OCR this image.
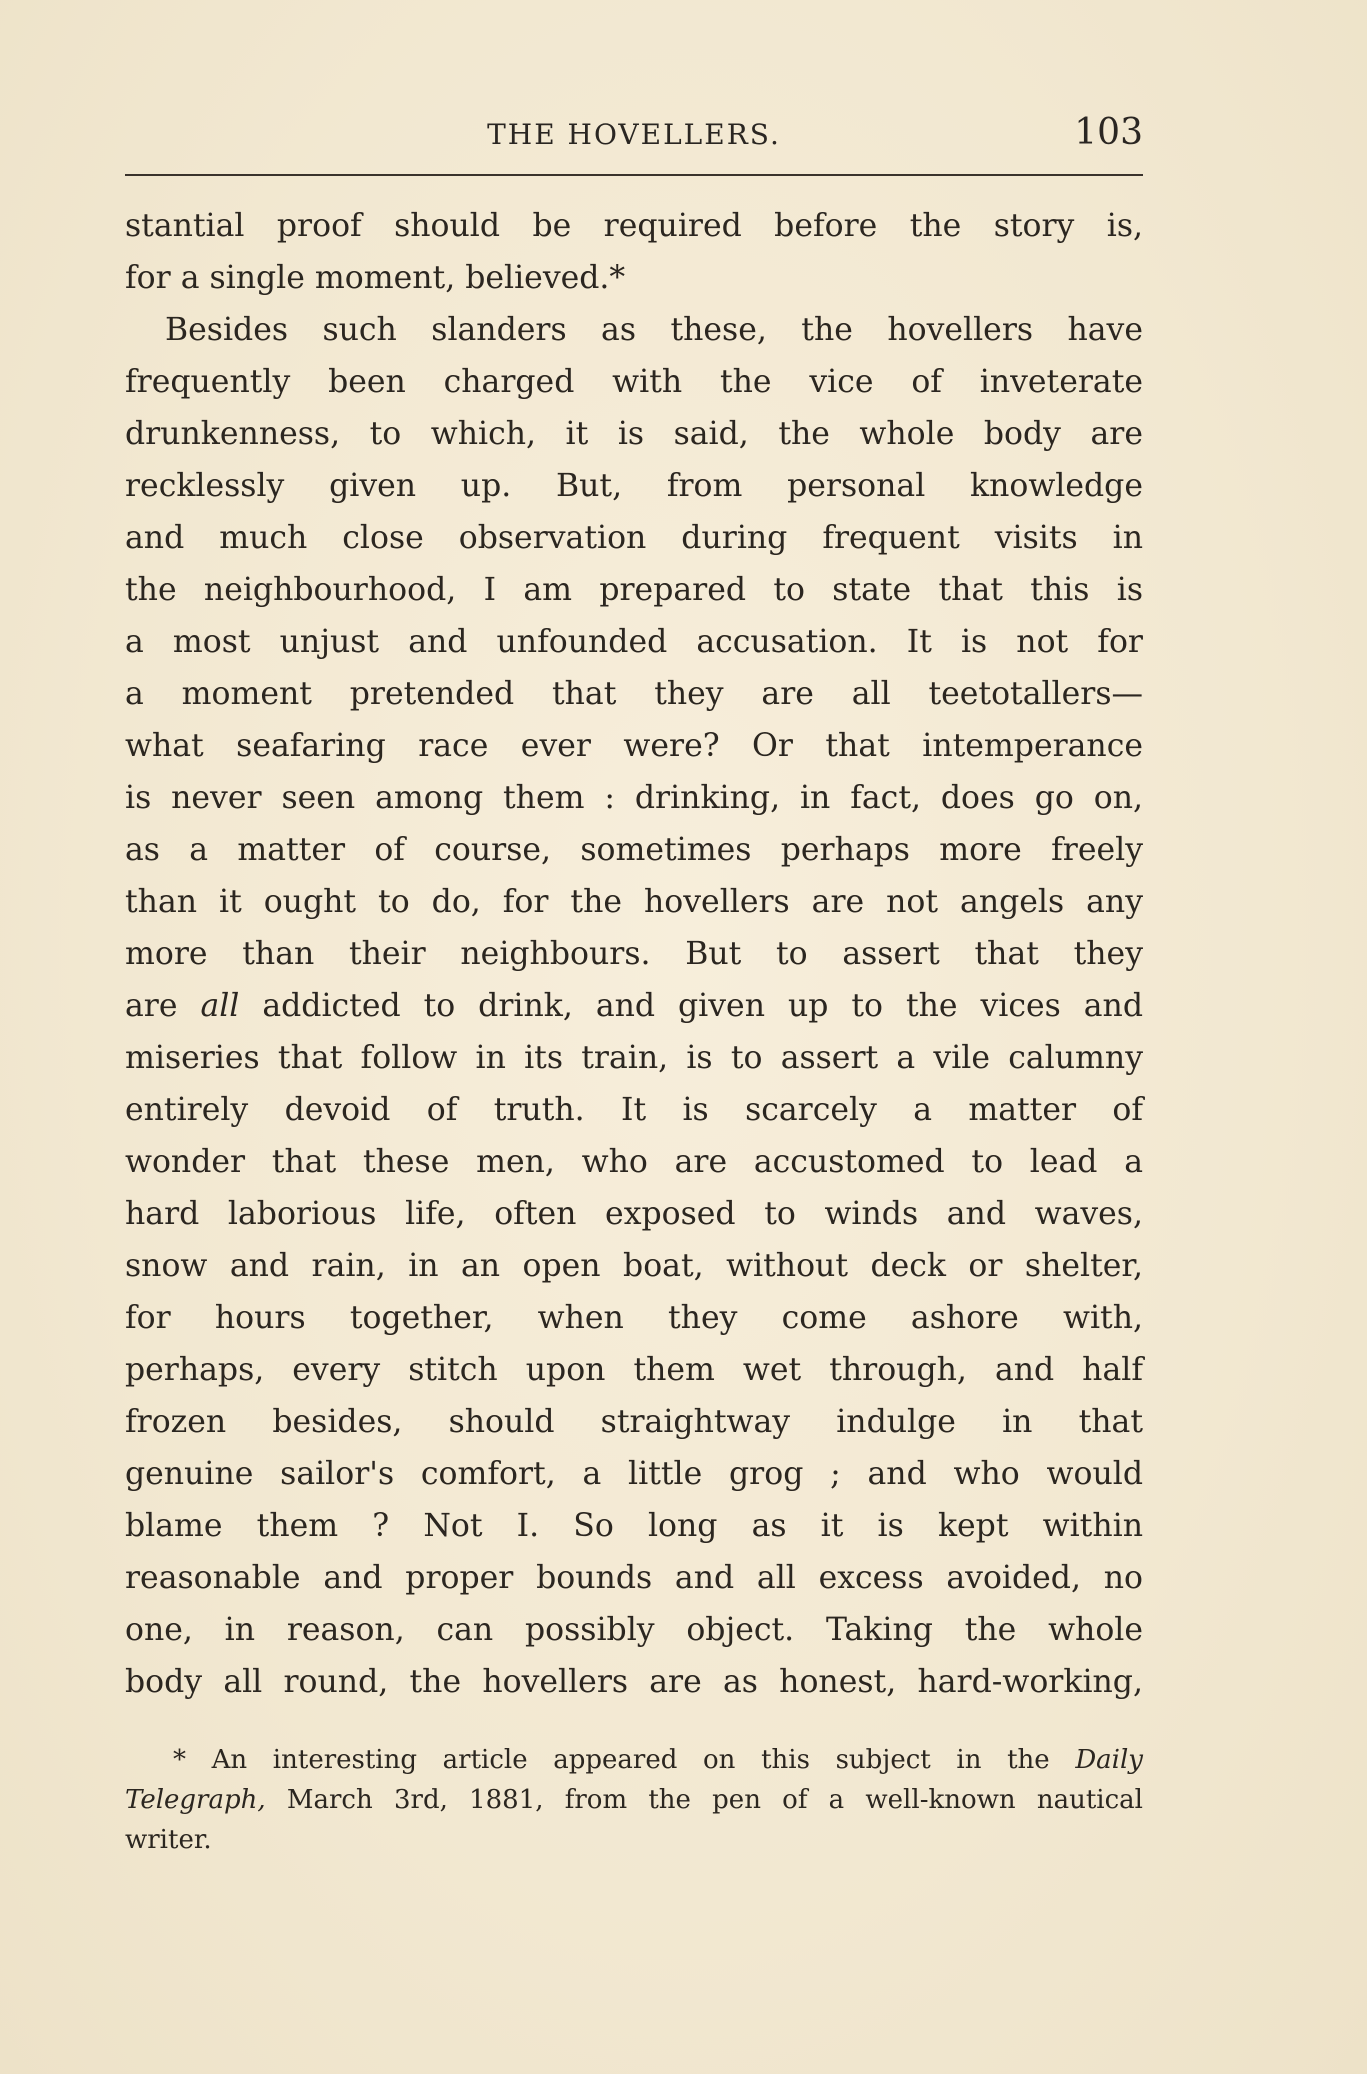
THE HOVELLERS.	103
stantial proof should be required before the story is,
for a single moment, believed.*
Besides such slanders as these, the hovellers have
frequently been charged with the vice of inveterate
drunkenness, to which, it is said, the whole body are
recklessly given up. But, from personal knowledge
and much close observation during frequent visits in
the neighbourhood, I am prepared to state that this is
a most unjust and unfounded accusation. It is not for
a moment pretended that they are all teetotallers—
what seafaring race ever were? Or that intemperance
is never seen among them : drinking, in fact, does go on,
as a matter of course, sometimes perhaps more freely
than it ought to do, for the hovellers are not angels any
more than their neighbours. But to assert that they
are all addicted to drink, and given up to the vices and
miseries that follow in its train, is to assert a vile calumny
entirely devoid of truth. It is scarcely a matter of
wonder that these men, who are accustomed to lead a
hard laborious life, often exposed to winds and waves,
snow and rain, in an open boat, without deck or shelter,
for hours together, when they come ashore with,
perhaps, every stitch upon them wet through, and half
frozen besides, should straightway indulge in that
genuine sailor's comfort, a little grog ; and who would
blame them ? Not I. So long as it is kept within
reasonable and proper bounds and all excess avoided, no
one, in reason, can possibly object. Taking the whole
body all round, the hovellers are as honest, hard-working,
* An interesting article appeared on this subject in the Daily
Telegraph, March 3rd, 1881, from the pen of a well-known nautical
writer.
